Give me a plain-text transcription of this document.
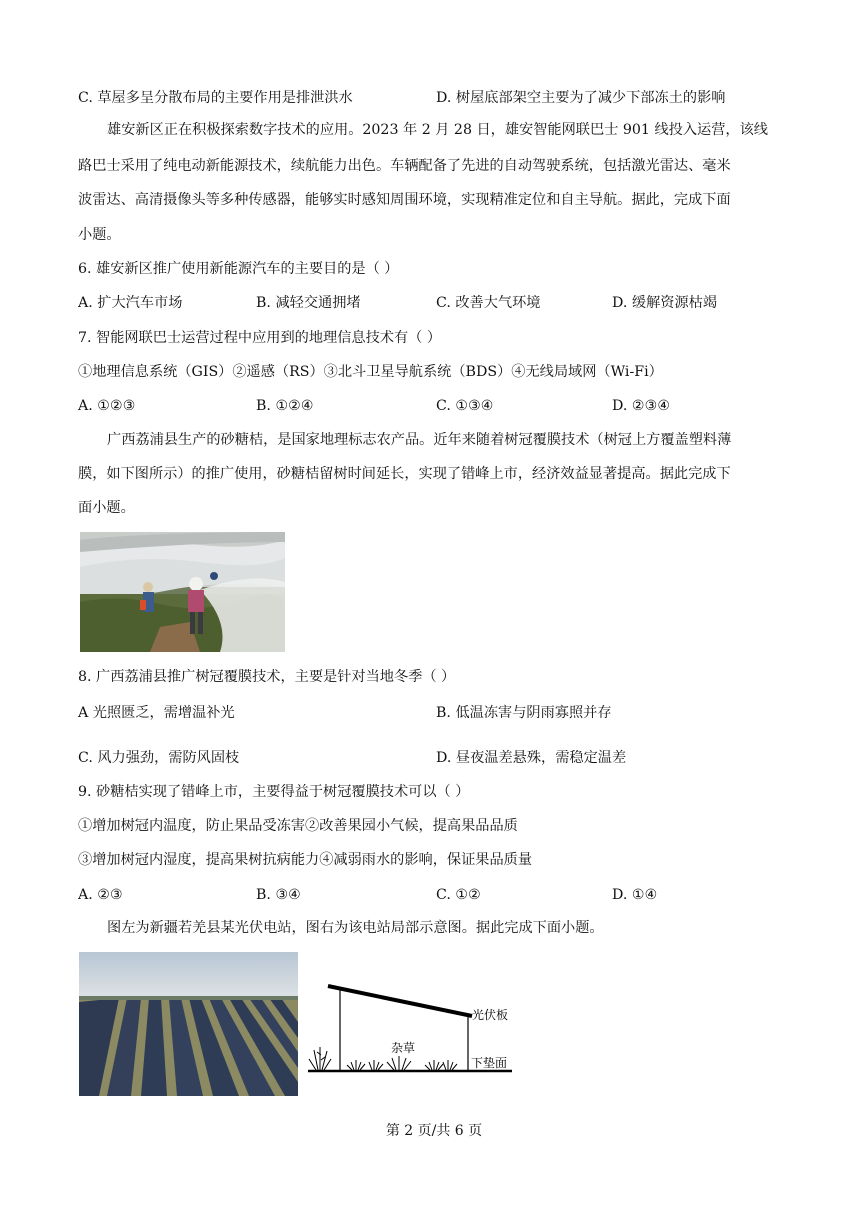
C. 草屋多呈分散布局的主要作用是排泄洪水	D. 树屋底部架空主要为了减少下部冻土的影响
雄安新区正在积极探索数字技术的应用。2023 年 2 月 28 日，雄安智能网联巴士 901 线投入运营，该线
路巴士采用了纯电动新能源技术，续航能力出色。车辆配备了先进的自动驾驶系统，包括激光雷达、毫米
波雷达、高清摄像头等多种传感器，能够实时感知周围环境，实现精准定位和自主导航。据此，完成下面
小题。
6. 雄安新区推广使用新能源汽车的主要目的是（ ）
A. 扩大汽车市场	B. 减轻交通拥堵	C. 改善大气环境	D. 缓解资源枯竭
7. 智能网联巴士运营过程中应用到的地理信息技术有（ ）
①地理信息系统（GIS）②遥感（RS）③北斗卫星导航系统（BDS）④无线局域网（Wi-Fi）
A. ①②③	B. ①②④	C. ①③④	D. ②③④
广西荔浦县生产的砂糖桔，是国家地理标志农产品。近年来随着树冠覆膜技术（树冠上方覆盖塑料薄
膜，如下图所示）的推广使用，砂糖桔留树时间延长，实现了错峰上市，经济效益显著提高。据此完成下
面小题。
8. 广西荔浦县推广树冠覆膜技术，主要是针对当地冬季（ ）
A 光照匮乏，需增温补光	B. 低温冻害与阴雨寡照并存
C. 风力强劲，需防风固枝	D. 昼夜温差悬殊，需稳定温差
9. 砂糖桔实现了错峰上市，主要得益于树冠覆膜技术可以（ ）
①增加树冠内温度，防止果品受冻害②改善果园小气候，提高果品品质
③增加树冠内湿度，提高果树抗病能力④减弱雨水的影响，保证果品质量
A. ②③	B. ③④	C. ①②	D. ①④
图左为新疆若羌县某光伏电站，图右为该电站局部示意图。据此完成下面小题。
杂草
光伏板
下垫面
第 2 页/共 6 页
